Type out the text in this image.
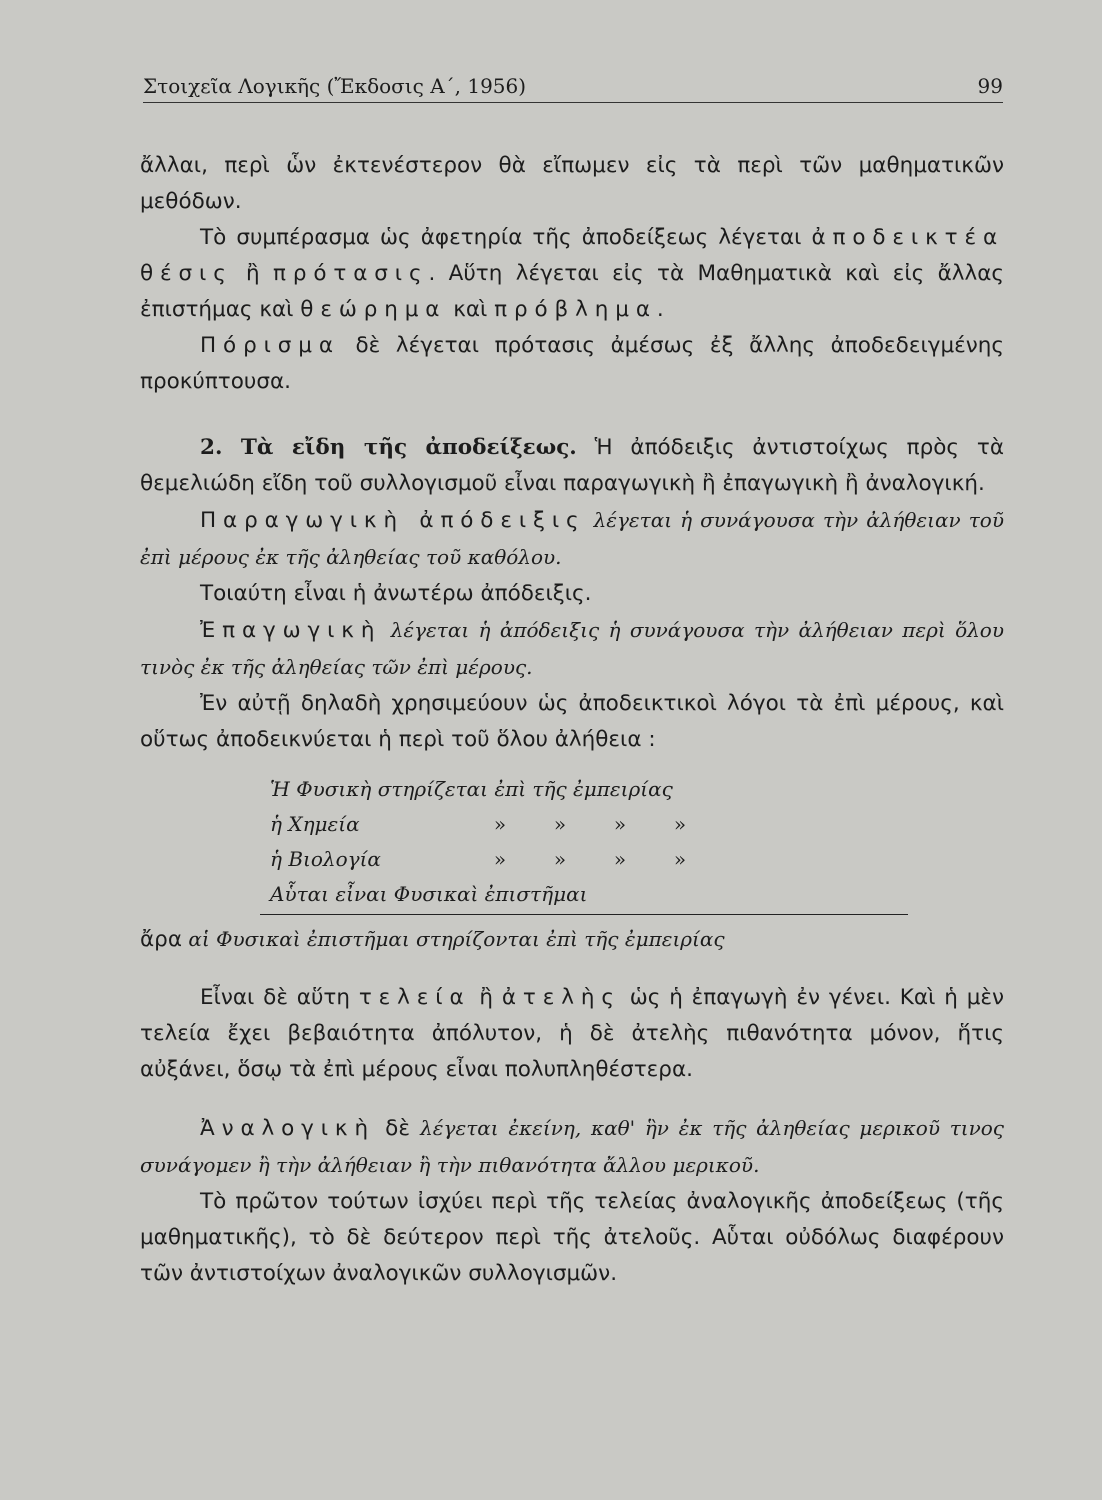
Στοιχεῖα Λογικῆς (Ἔκδοσις Α΄, 1956)	99

ἄλλαι, περὶ ὧν ἐκτενέστερον θὰ εἴπωμεν εἰς τὰ περὶ τῶν μαθηματικῶν μεθόδων.

Τὸ συμπέρασμα ὡς ἀφετηρία τῆς ἀποδείξεως λέγεται ἀποδεικτέα θέσις ἢ πρότασις. Αὕτη λέγεται εἰς τὰ Μαθηματικὰ καὶ εἰς ἄλλας ἐπιστήμας καὶ θεώρημα καὶ πρόβλημα.

Πόρισμα δὲ λέγεται πρότασις ἀμέσως ἐξ ἄλλης ἀποδεδειγμένης προκύπτουσα.

2. Τὰ εἴδη τῆς ἀποδείξεως. Ἡ ἀπόδειξις ἀντιστοίχως πρὸς τὰ θεμελιώδη εἴδη τοῦ συλλογισμοῦ εἶναι παραγωγικὴ ἢ ἐπαγωγικὴ ἢ ἀναλογική.

Παραγωγικὴ ἀπόδειξις λέγεται ἡ συνάγουσα τὴν ἀλήθειαν τοῦ ἐπὶ μέρους ἐκ τῆς ἀληθείας τοῦ καθόλου.

Τοιαύτη εἶναι ἡ ἀνωτέρω ἀπόδειξις.

Ἐπαγωγικὴ λέγεται ἡ ἀπόδειξις ἡ συνάγουσα τὴν ἀλήθειαν περὶ ὅλου τινὸς ἐκ τῆς ἀληθείας τῶν ἐπὶ μέρους.

Ἐν αὐτῇ δηλαδὴ χρησιμεύουν ὡς ἀποδεικτικοὶ λόγοι τὰ ἐπὶ μέρους, καὶ οὕτως ἀποδεικνύεται ἡ περὶ τοῦ ὅλου ἀλήθεια :

Ἡ Φυσικὴ στηρίζεται ἐπὶ τῆς ἐμπειρίας
ἡ Χημεία	»	»	»	»
ἡ Βιολογία	»	»	»	»
Αὗται εἶναι Φυσικαὶ ἐπιστῆμαι

ἄρα αἱ Φυσικαὶ ἐπιστῆμαι στηρίζονται ἐπὶ τῆς ἐμπειρίας

Εἶναι δὲ αὕτη τελεία ἢ ἀτελὴς ὡς ἡ ἐπαγωγὴ ἐν γένει. Καὶ ἡ μὲν τελεία ἔχει βεβαιότητα ἀπόλυτον, ἡ δὲ ἀτελὴς πιθανότητα μόνον, ἥτις αὐξάνει, ὅσῳ τὰ ἐπὶ μέρους εἶναι πολυπληθέστερα.

Ἀναλογικὴ δὲ λέγεται ἐκείνη, καθ' ἣν ἐκ τῆς ἀληθείας μερικοῦ τινος συνάγομεν ἢ τὴν ἀλήθειαν ἢ τὴν πιθανότητα ἄλλου μερικοῦ.

Τὸ πρῶτον τούτων ἰσχύει περὶ τῆς τελείας ἀναλογικῆς ἀποδείξεως (τῆς μαθηματικῆς), τὸ δὲ δεύτερον περὶ τῆς ἀτελοῦς. Αὗται οὐδόλως διαφέρουν τῶν ἀντιστοίχων ἀναλογικῶν συλλογισμῶν.
